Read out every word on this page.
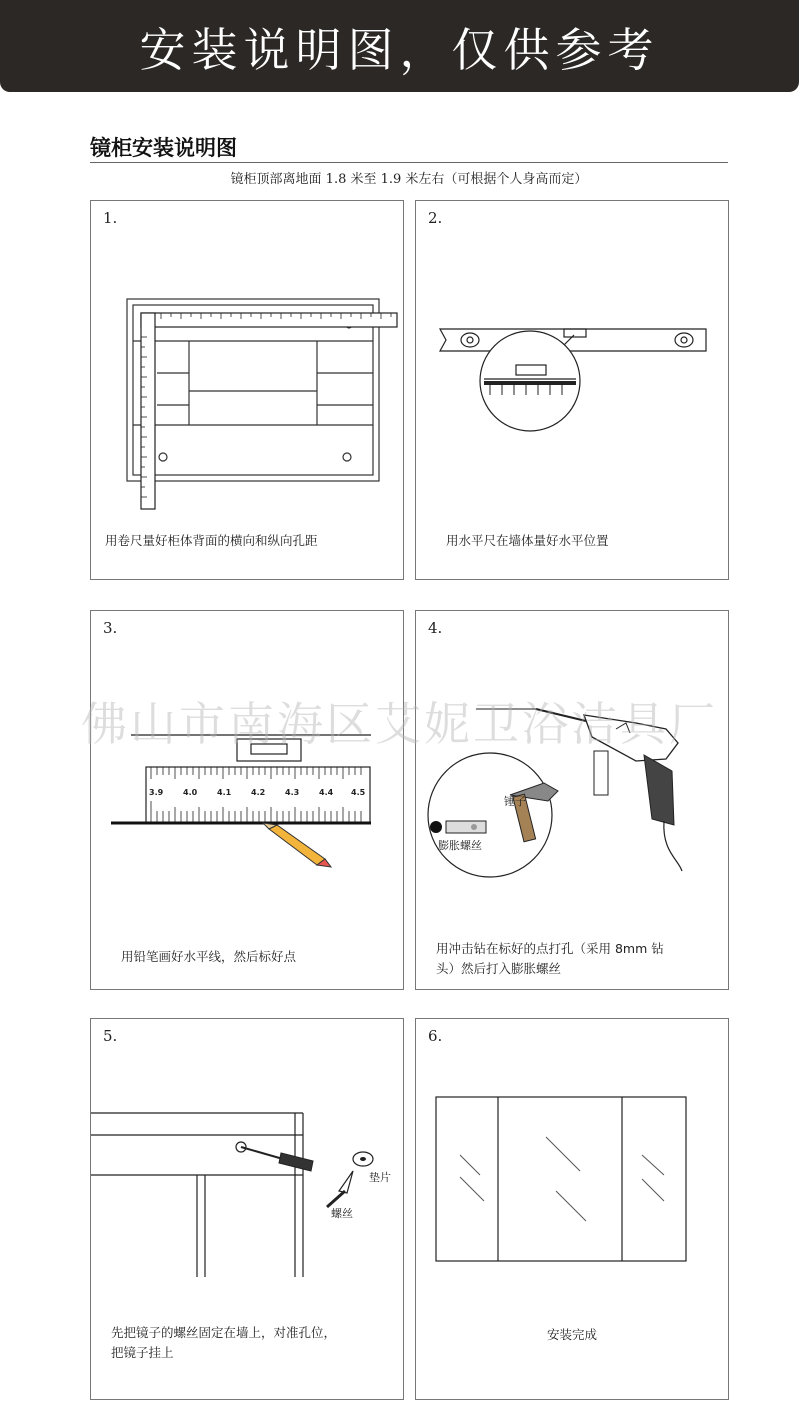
安装说明图，仅供参考
镜柜安装说明图
镜柜顶部离地面 1.8 米至 1.9 米左右（可根据个人身高而定）
1.
用卷尺量好柜体背面的横向和纵向孔距
2.
用水平尺在墙体量好水平位置
3.
3.9 4.0 4.1 4.2 4.3 4.4 4.5
用铅笔画好水平线，然后标好点
4.
锤子
膨胀螺丝
用冲击钻在标好的点打孔（采用 8mm 钻
头）然后打入膨胀螺丝
5.
垫片
螺丝
先把镜子的螺丝固定在墙上，对准孔位，
把镜子挂上
6.
安装完成
佛山市南海区艾妮卫浴洁具厂
